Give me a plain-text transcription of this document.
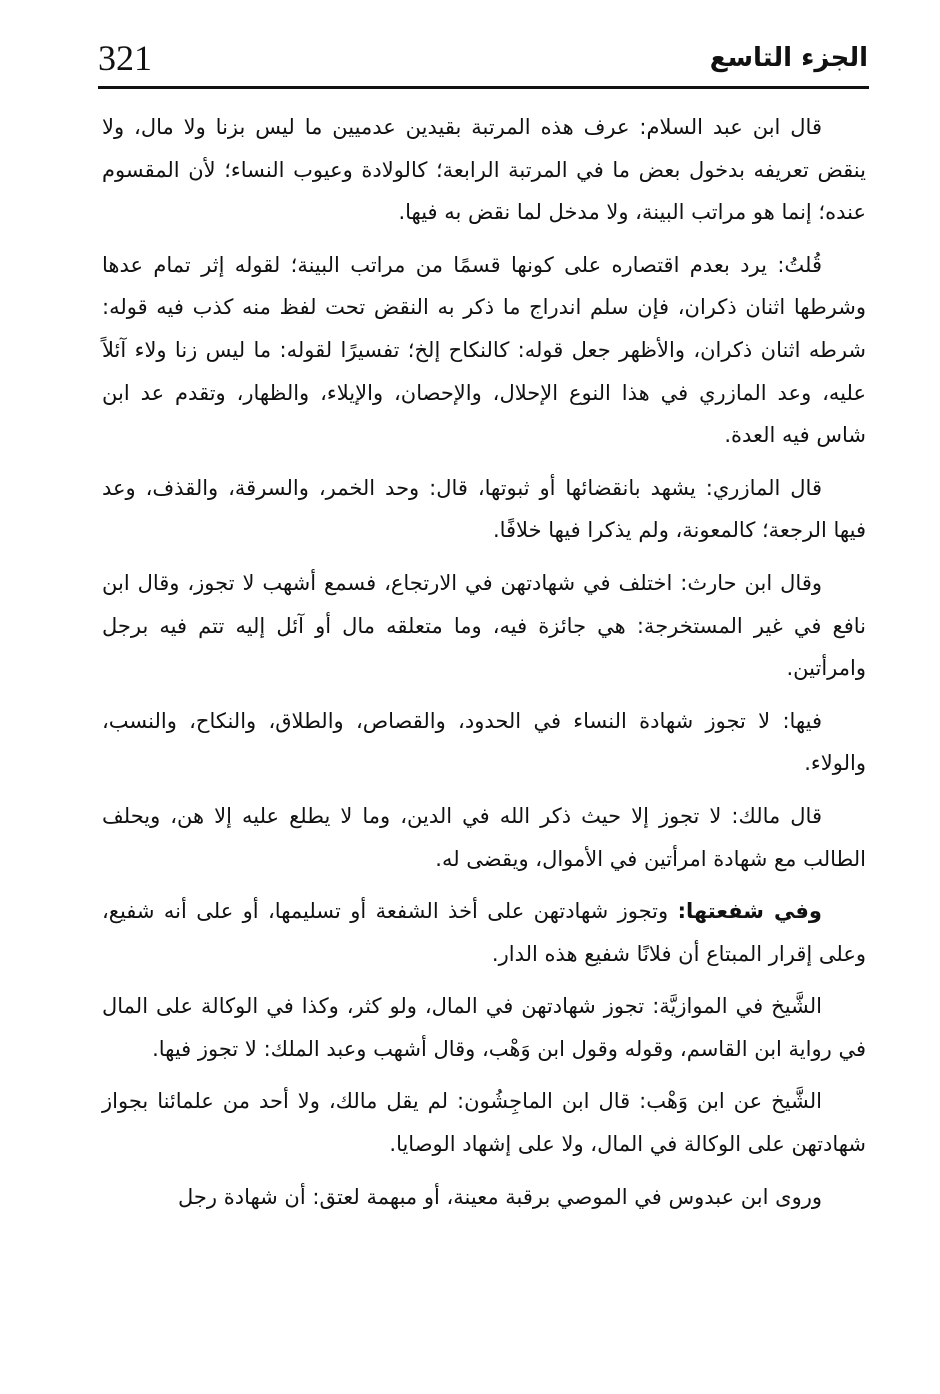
321	الجزء التاسع

قال ابن عبد السلام: عرف هذه المرتبة بقيدين عدميين ما ليس بزنا ولا مال، ولا ينقض تعريفه بدخول بعض ما في المرتبة الرابعة؛ كالولادة وعيوب النساء؛ لأن المقسوم عنده؛ إنما هو مراتب البينة، ولا مدخل لما نقض به فيها.

قُلتُ: يرد بعدم اقتصاره على كونها قسمًا من مراتب البينة؛ لقوله إثر تمام عدها وشرطها اثنان ذكران، فإن سلم اندراج ما ذكر به النقض تحت لفظ منه كذب فيه قوله: شرطه اثنان ذكران، والأظهر جعل قوله: كالنكاح إلخ؛ تفسيرًا لقوله: ما ليس زنا ولاء آئلاً عليه، وعد المازري في هذا النوع الإحلال، والإحصان، والإيلاء، والظهار، وتقدم عد ابن شاس فيه العدة.

قال المازري: يشهد بانقضائها أو ثبوتها، قال: وحد الخمر، والسرقة، والقذف، وعد فيها الرجعة؛ كالمعونة، ولم يذكرا فيها خلافًا.

وقال ابن حارث: اختلف في شهادتهن في الارتجاع، فسمع أشهب لا تجوز، وقال ابن نافع في غير المستخرجة: هي جائزة فيه، وما متعلقه مال أو آئل إليه تتم فيه برجل وامرأتين.

فيها: لا تجوز شهادة النساء في الحدود، والقصاص، والطلاق، والنكاح، والنسب، والولاء.

قال مالك: لا تجوز إلا حيث ذكر الله في الدين، وما لا يطلع عليه إلا هن، ويحلف الطالب مع شهادة امرأتين في الأموال، ويقضى له.

وفي شفعتها: وتجوز شهادتهن على أخذ الشفعة أو تسليمها، أو على أنه شفيع، وعلى إقرار المبتاع أن فلانًا شفيع هذه الدار.

الشَّيخ في الموازيَّة: تجوز شهادتهن في المال، ولو كثر، وكذا في الوكالة على المال في رواية ابن القاسم، وقوله وقول ابن وَهْب، وقال أشهب وعبد الملك: لا تجوز فيها.

الشَّيخ عن ابن وَهْب: قال ابن الماجِشُون: لم يقل مالك، ولا أحد من علمائنا بجواز شهادتهن على الوكالة في المال، ولا على إشهاد الوصايا.

وروى ابن عبدوس في الموصي برقبة معينة، أو مبهمة لعتق: أن شهادة رجل
